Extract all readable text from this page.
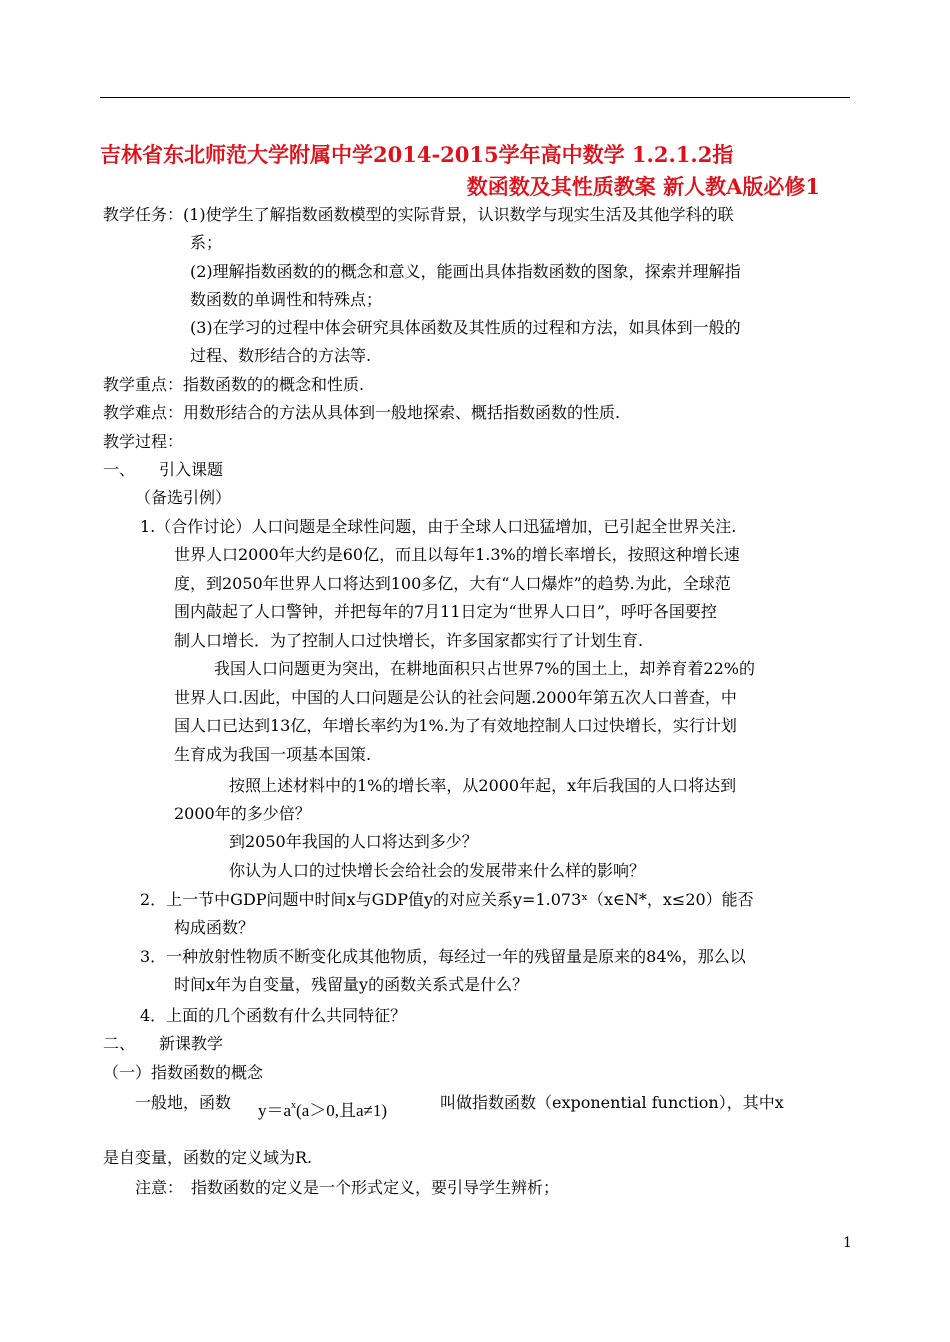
吉林省东北师范大学附属中学2014-2015学年高中数学 1.2.1.2指
数函数及其性质教案 新人教A版必修1
教学任务：(1)使学生了解指数函数模型的实际背景，认识数学与现实生活及其他学科的联
系；
(2)理解指数函数的的概念和意义，能画出具体指数函数的图象，探索并理解指
数函数的单调性和特殊点；
(3)在学习的过程中体会研究具体函数及其性质的过程和方法，如具体到一般的
过程、数形结合的方法等.
教学重点：指数函数的的概念和性质.
教学难点：用数形结合的方法从具体到一般地探索、概括指数函数的性质.
教学过程：
一、　　引入课题
（备选引例）
1.（合作讨论）人口问题是全球性问题，由于全球人口迅猛增加，已引起全世界关注.
世界人口2000年大约是60亿，而且以每年1.3%的增长率增长，按照这种增长速
度，到2050年世界人口将达到100多亿，大有“人口爆炸”的趋势.为此，全球范
围内敲起了人口警钟，并把每年的7月11日定为“世界人口日”，呼吁各国要控
制人口增长．为了控制人口过快增长，许多国家都实行了计划生育.
我国人口问题更为突出，在耕地面积只占世界7%的国土上，却养育着22%的
世界人口.因此，中国的人口问题是公认的社会问题.2000年第五次人口普查，中
国人口已达到13亿，年增长率约为1%.为了有效地控制人口过快增长，实行计划
生育成为我国一项基本国策.
按照上述材料中的1%的增长率，从2000年起，x年后我国的人口将达到
2000年的多少倍？
到2050年我国的人口将达到多少？
你认为人口的过快增长会给社会的发展带来什么样的影响？
2．上一节中GDP问题中时间x与GDP值y的对应关系y=1.073ˣ（x∈N*，x≤20）能否
构成函数？
3．一种放射性物质不断变化成其他物质，每经过一年的残留量是原来的84%，那么以
时间x年为自变量，残留量y的函数关系式是什么？
4．上面的几个函数有什么共同特征？
二、　　新课教学
（一）指数函数的概念
一般地，函数 $y=a^x(a>0$,且a≠1)	叫做指数函数（exponential function），其中x
是自变量，函数的定义域为R.
注意：　指数函数的定义是一个形式定义，要引导学生辨析；
1
